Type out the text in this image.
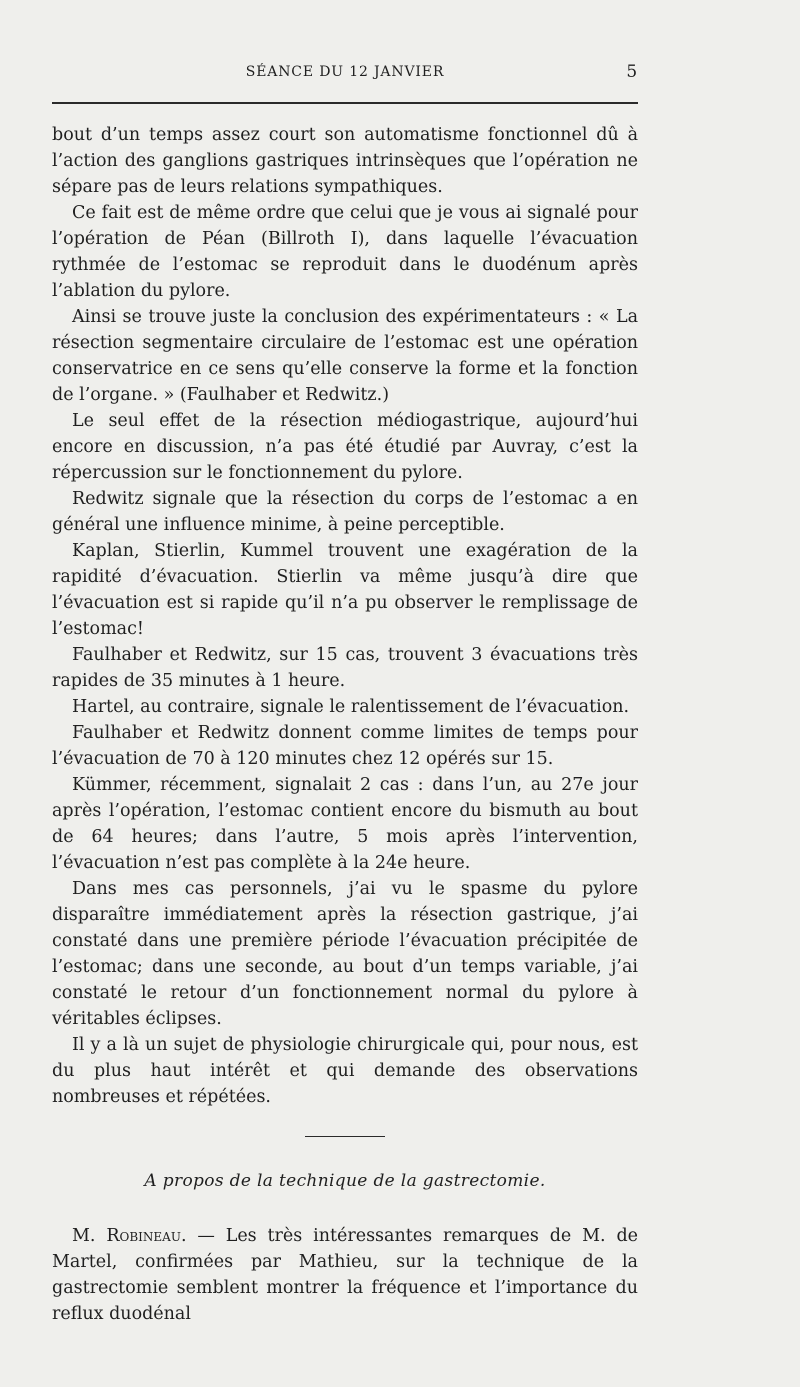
SÉANCE DU 12 JANVIER	5

bout d’un temps assez court son automatisme fonctionnel dû à l’action des ganglions gastriques intrinsèques que l’opération ne sépare pas de leurs relations sympathiques.

Ce fait est de même ordre que celui que je vous ai signalé pour l’opération de Péan (Billroth I), dans laquelle l’évacuation rythmée de l’estomac se reproduit dans le duodénum après l’ablation du pylore.

Ainsi se trouve juste la conclusion des expérimentateurs : « La résection segmentaire circulaire de l’estomac est une opération conservatrice en ce sens qu’elle conserve la forme et la fonction de l’organe. » (Faulhaber et Redwitz.)

Le seul effet de la résection médiogastrique, aujourd’hui encore en discussion, n’a pas été étudié par Auvray, c’est la répercussion sur le fonctionnement du pylore.

Redwitz signale que la résection du corps de l’estomac a en général une influence minime, à peine perceptible.

Kaplan, Stierlin, Kummel trouvent une exagération de la rapidité d’évacuation. Stierlin va même jusqu’à dire que l’évacuation est si rapide qu’il n’a pu observer le remplissage de l’estomac!

Faulhaber et Redwitz, sur 15 cas, trouvent 3 évacuations très rapides de 35 minutes à 1 heure.

Hartel, au contraire, signale le ralentissement de l’évacuation.

Faulhaber et Redwitz donnent comme limites de temps pour l’évacuation de 70 à 120 minutes chez 12 opérés sur 15.

Kümmer, récemment, signalait 2 cas : dans l’un, au 27e jour après l’opération, l’estomac contient encore du bismuth au bout de 64 heures; dans l’autre, 5 mois après l’intervention, l’évacuation n’est pas complète à la 24e heure.

Dans mes cas personnels, j’ai vu le spasme du pylore disparaître immédiatement après la résection gastrique, j’ai constaté dans une première période l’évacuation précipitée de l’estomac; dans une seconde, au bout d’un temps variable, j’ai constaté le retour d’un fonctionnement normal du pylore à véritables éclipses.

Il y a là un sujet de physiologie chirurgicale qui, pour nous, est du plus haut intérêt et qui demande des observations nombreuses et répétées.

A propos de la technique de la gastrectomie.

M. Robineau. — Les très intéressantes remarques de M. de Martel, confirmées par Mathieu, sur la technique de la gastrectomie semblent montrer la fréquence et l’importance du reflux duodénal
